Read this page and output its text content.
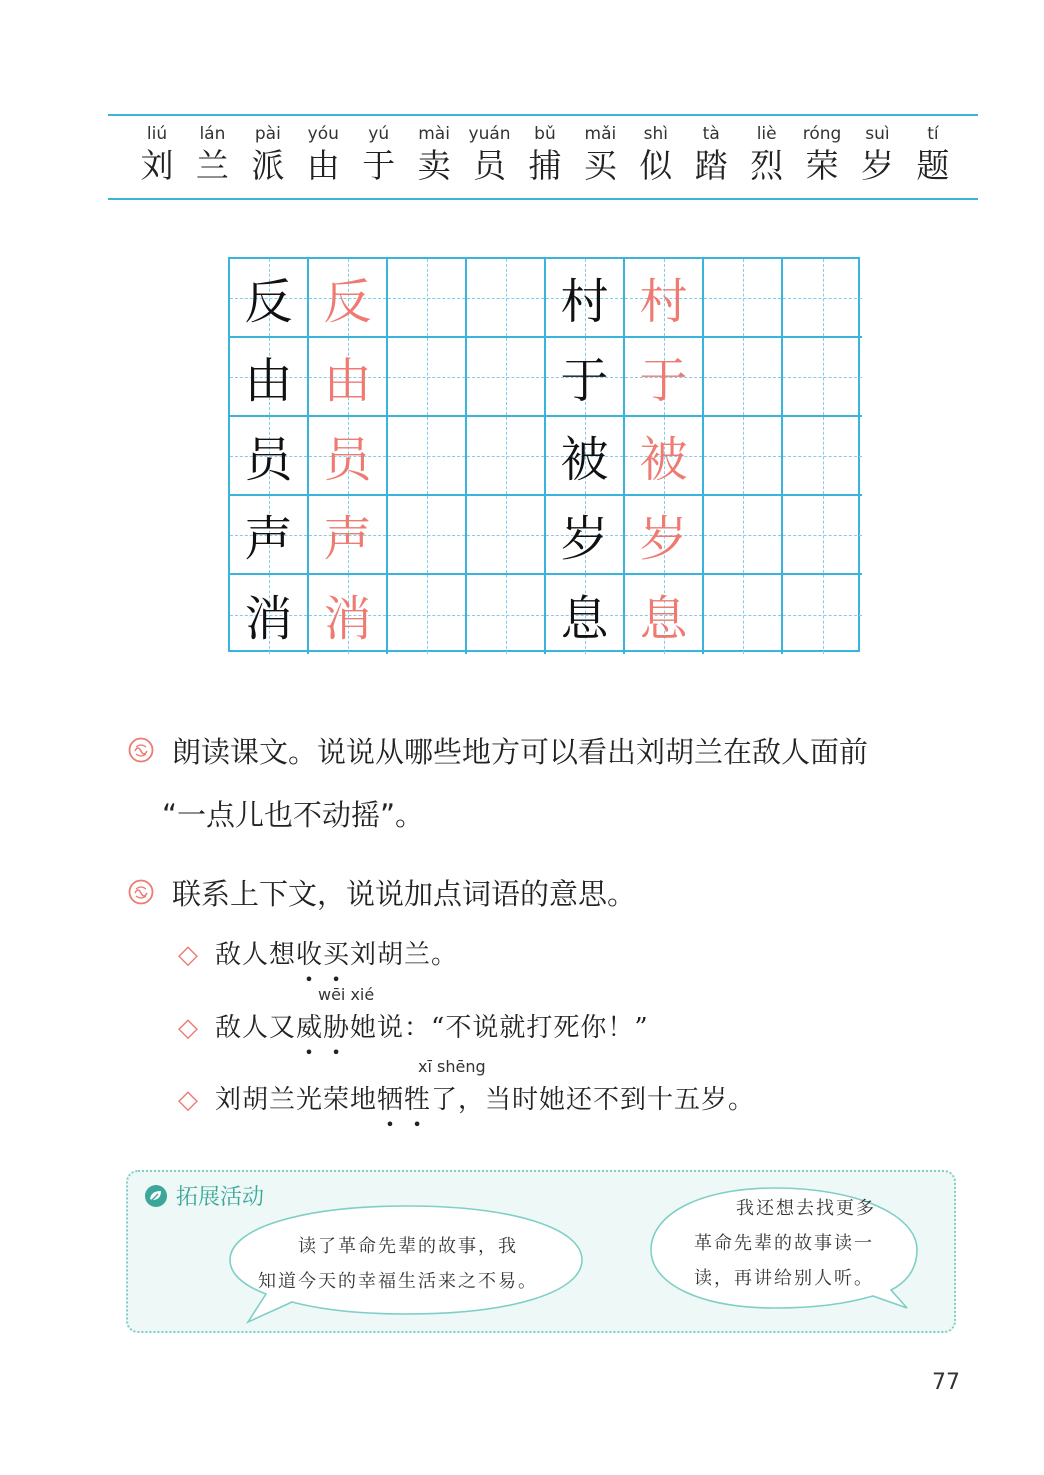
liú
刘
lán
兰
pài
派
yóu
由
yú
于
mài
卖
yuán
员
bǔ
捕
mǎi
买
shì
似
tà
踏
liè
烈
róng
荣
suì
岁
tí
题
反 反	村 村
由 由	于 于
员 员	被 被
声 声	岁 岁
消 消	息 息
朗读课文。说说从哪些地方可以看出刘胡兰在敌人面前
“一点儿也不动摇”。
联系上下文，说说加点词语的意思。
◇ 敌人想收买刘胡兰。
wēi xié
◇ 敌人又威胁她说：“不说就打死你！”
xī shēng
◇ 刘胡兰光荣地牺牲了，当时她还不到十五岁。
拓展活动
读了革命先辈的故事，我
知道今天的幸福生活来之不易。
我还想去找更多
革命先辈的故事读一
读，再讲给别人听。
77
